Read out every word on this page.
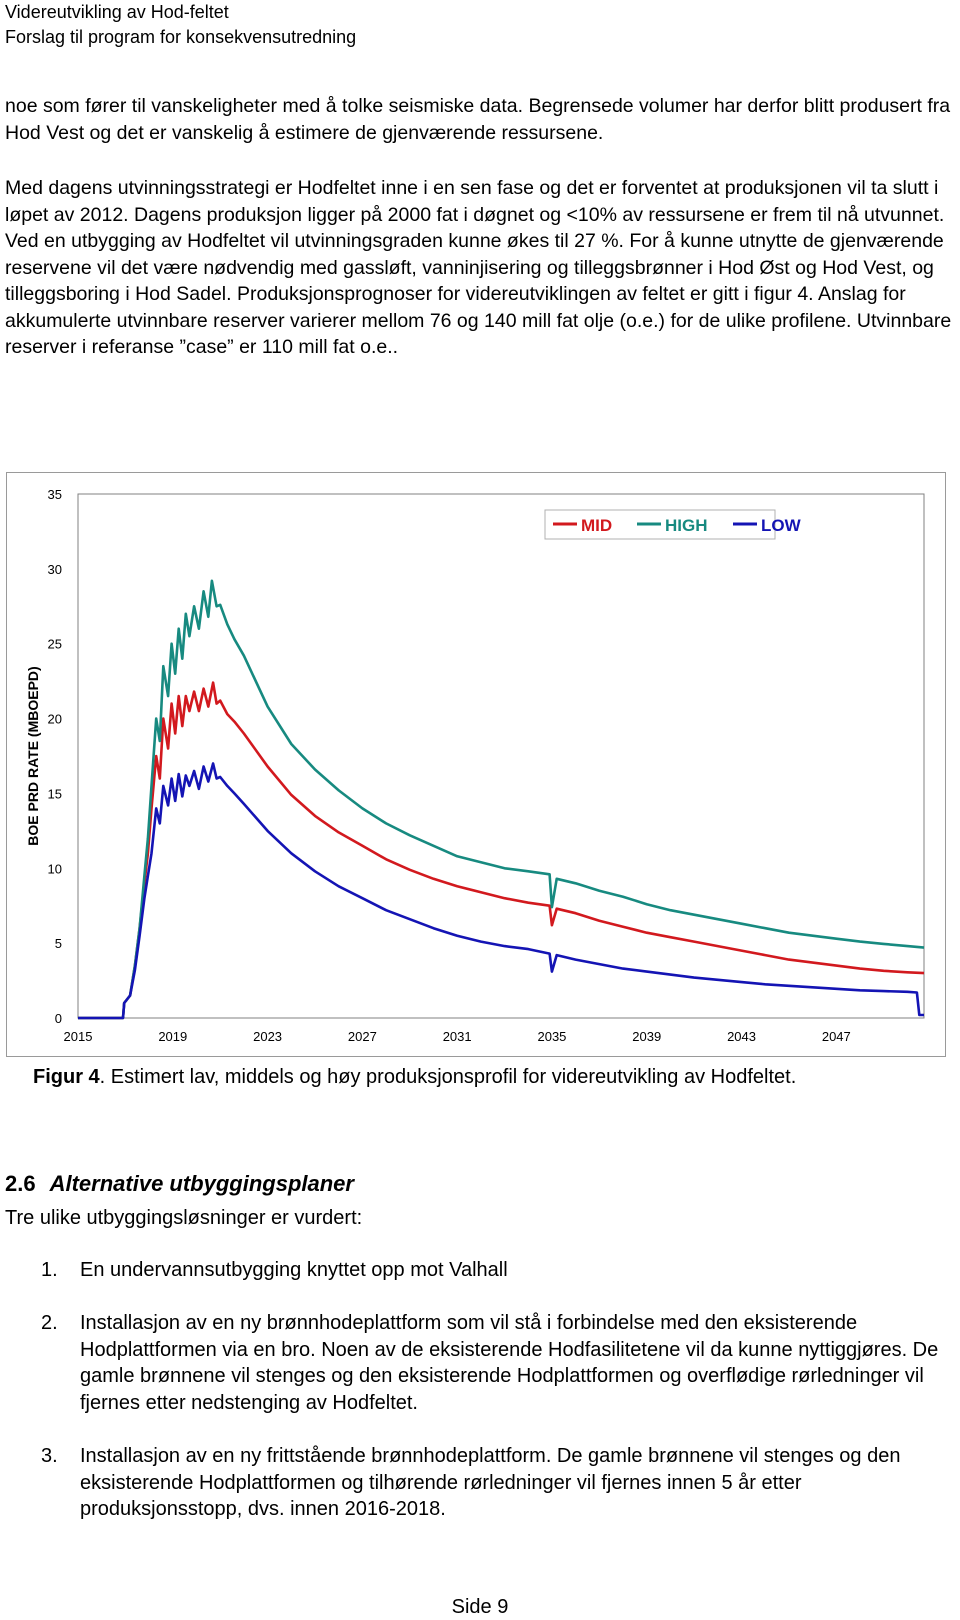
Videreutvikling av Hod-feltet
Forslag til program for konsekvensutredning
noe som fører til vanskeligheter med å tolke seismiske data. Begrensede volumer har derfor blitt produsert fra Hod Vest og det er vanskelig å estimere de gjenværende ressursene.
Med dagens utvinningsstrategi er Hodfeltet inne i en sen fase og det er forventet at produksjonen vil ta slutt i løpet av 2012. Dagens produksjon ligger på 2000 fat i døgnet og <10% av ressursene er frem til nå utvunnet. Ved en utbygging av Hodfeltet vil utvinningsgraden kunne økes til 27 %. For å kunne utnytte de gjenværende reservene vil det være nødvendig med gassløft, vanninjisering og tilleggsbrønner i Hod Øst og Hod Vest, og tilleggsboring i Hod Sadel. Produksjonsprognoser for videreutviklingen av feltet er gitt i figur 4. Anslag for akkumulerte utvinnbare reserver varierer mellom 76 og 140 mill fat olje (o.e.) for de ulike profilene. Utvinnbare reserver i referanse ”case” er 110 mill fat o.e..
0
5
10
15
20
25
30
35
2015	2019	2023	2027	2031	2035	2039	2043	2047
BOE PRD RATE (MBOEPD)
MID	HIGH	LOW
Figur 4. Estimert lav, middels og høy produksjonsprofil for videreutvikling av Hodfeltet.
2.6 Alternative utbyggingsplaner
Tre ulike utbyggingsløsninger er vurdert:
1. En undervannsutbygging knyttet opp mot Valhall
2. Installasjon av en ny brønnhodeplattform som vil stå i forbindelse med den eksisterende Hodplattformen via en bro. Noen av de eksisterende Hodfasilitetene vil da kunne nyttiggjøres. De gamle brønnene vil stenges og den eksisterende Hodplattformen og overflødige rørledninger vil fjernes etter nedstenging av Hodfeltet.
3. Installasjon av en ny frittstående brønnhodeplattform. De gamle brønnene vil stenges og den eksisterende Hodplattformen og tilhørende rørledninger vil fjernes innen 5 år etter produksjonsstopp, dvs. innen 2016-2018.
Side 9
